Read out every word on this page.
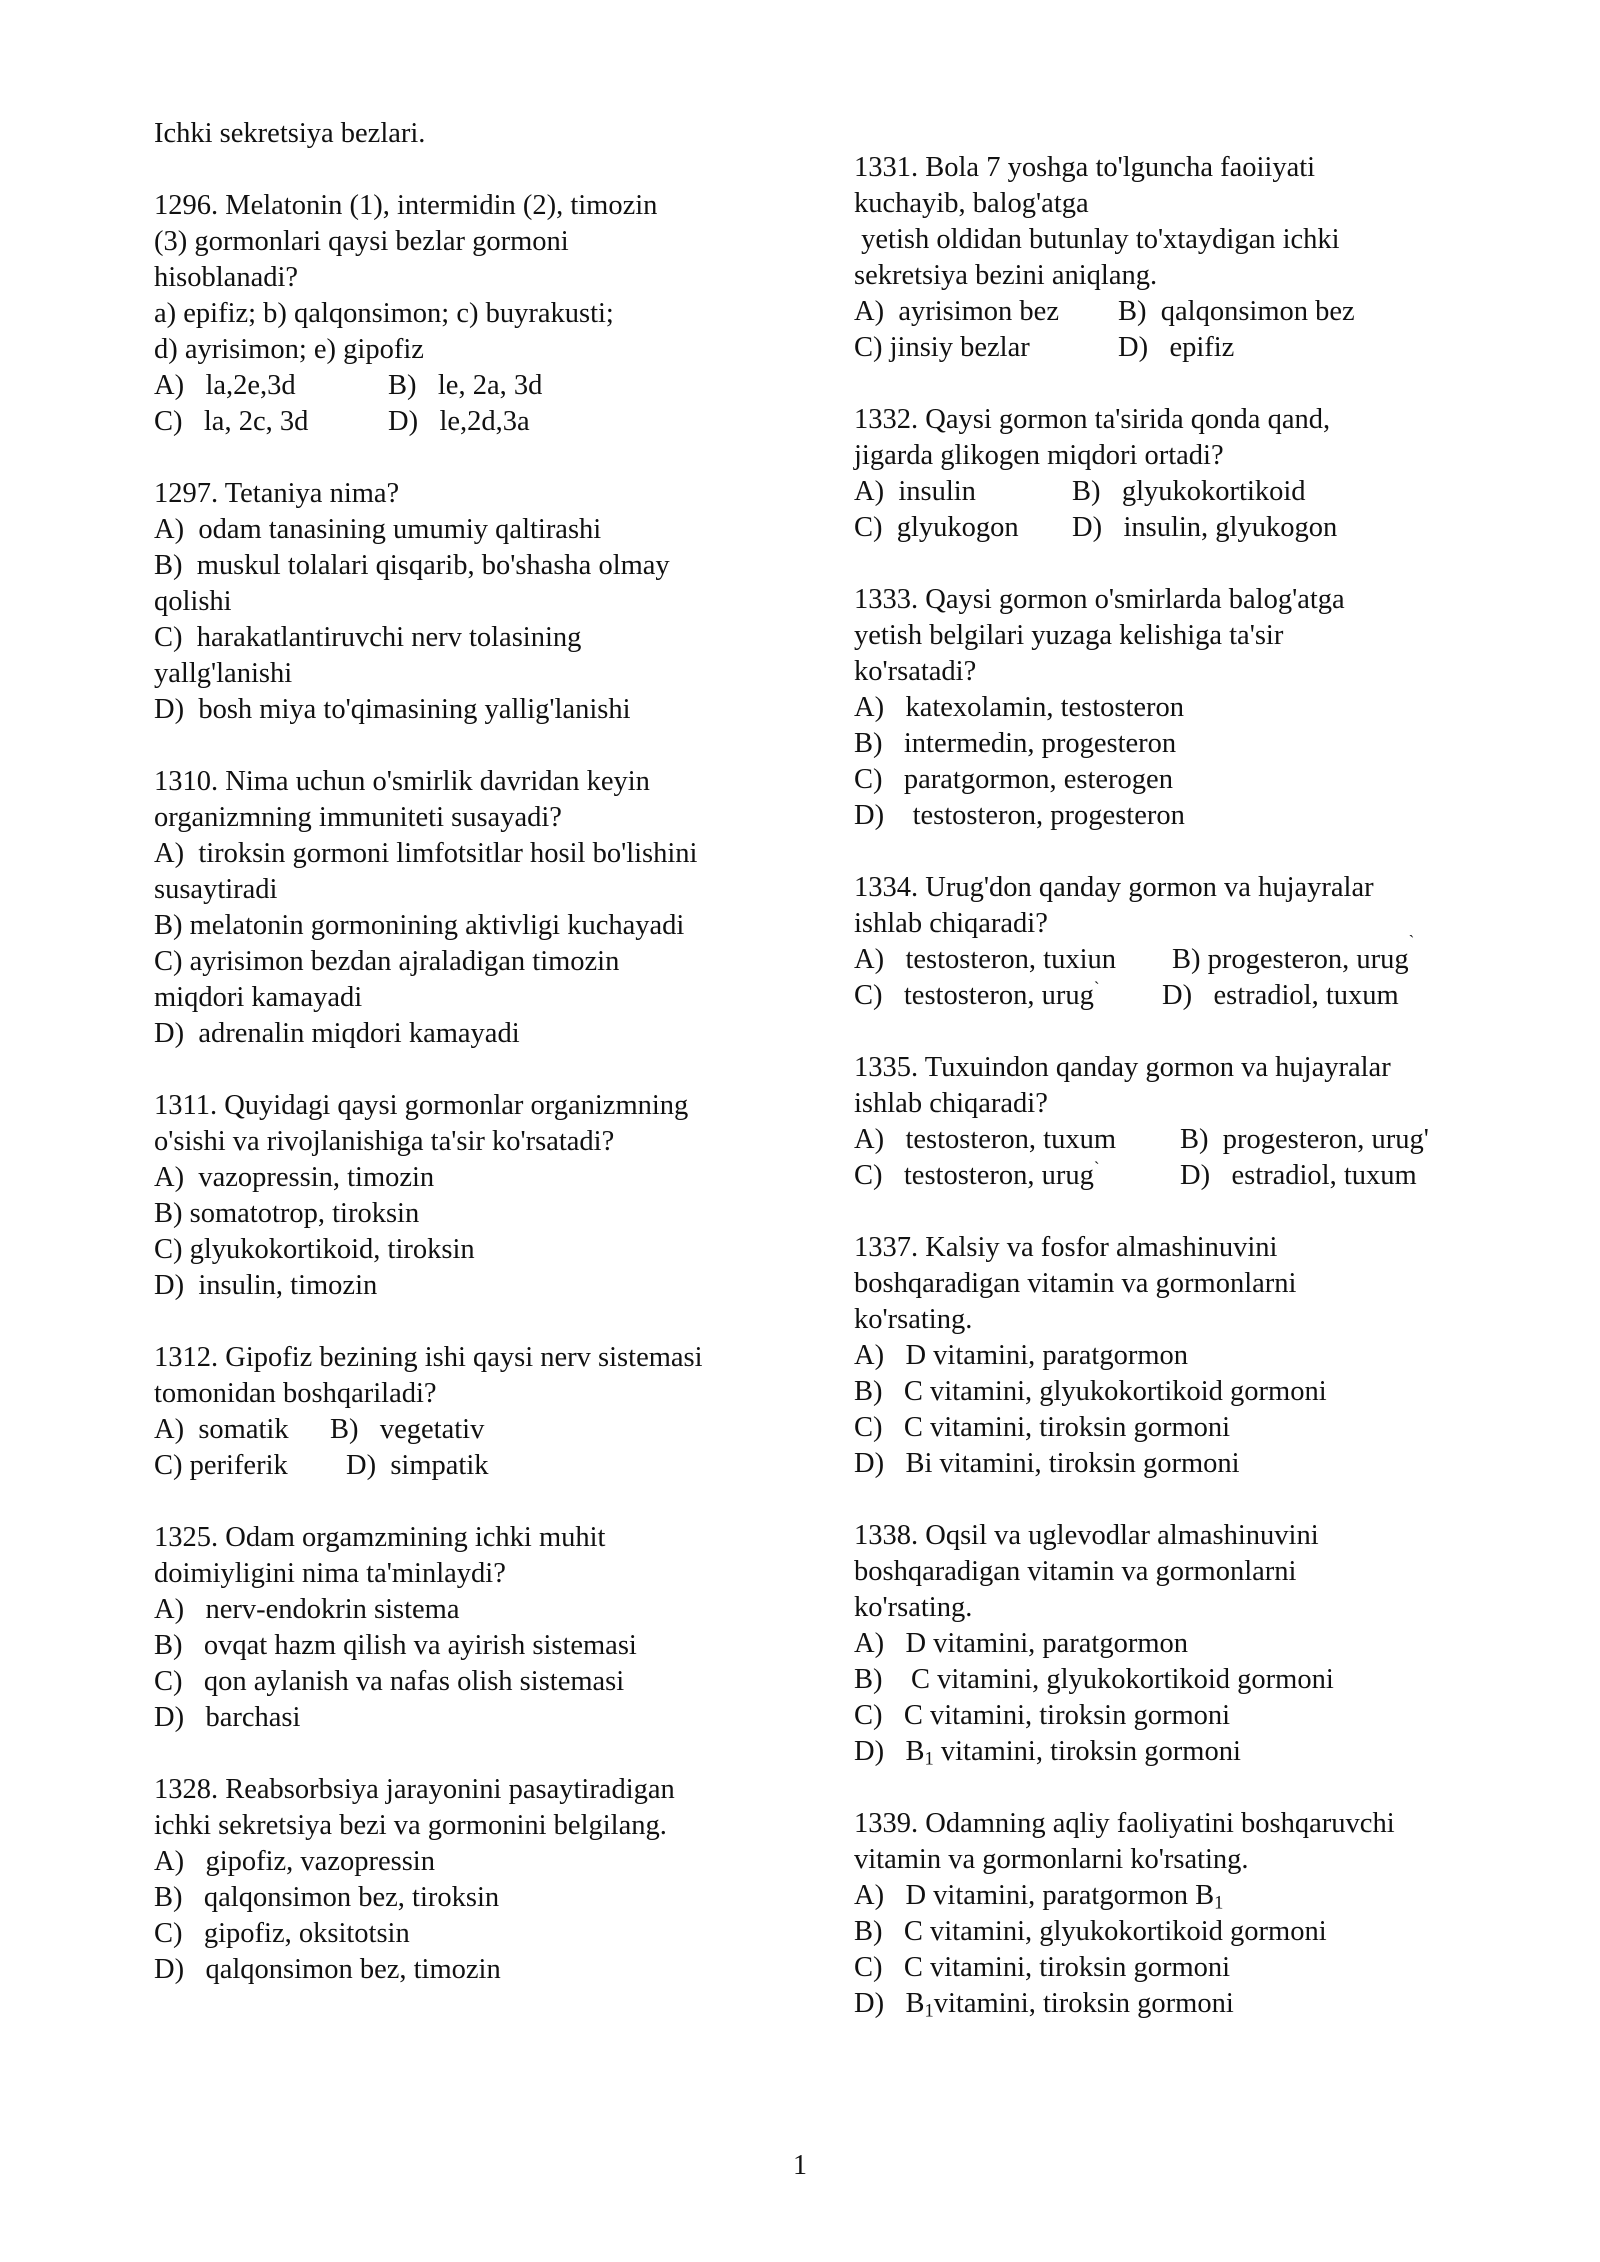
Ichki sekretsiya bezlari.
1296. Melatonin (1), intermidin (2), timozin
(3) gormonlari qaysi bezlar gormoni
hisoblanadi?
a) epifiz; b) qalqonsimon; c) buyrakusti;
d) ayrisimon; e) gipofiz
A)   la,2e,3d	B)   le, 2a, 3d
C)   la, 2c, 3d	D)   le,2d,3a
1297. Tetaniya nima?
A)  odam tanasining umumiy qaltirashi
B)  muskul tolalari qisqarib, bo'shasha olmay
qolishi
C)  harakatlantiruvchi nerv tolasining
yallg'lanishi
D)  bosh miya to'qimasining yallig'lanishi
1310. Nima uchun o'smirlik davridan keyin
organizmning immuniteti susayadi?
A)  tiroksin gormoni limfotsitlar hosil bo'lishini
susaytiradi
B) melatonin gormonining aktivligi kuchayadi
C) ayrisimon bezdan ajraladigan timozin
miqdori kamayadi
D)  adrenalin miqdori kamayadi
1311. Quyidagi qaysi gormonlar organizmning
o'sishi va rivojlanishiga ta'sir ko'rsatadi?
A)  vazopressin, timozin
B) somatotrop, tiroksin
C) glyukokortikoid, tiroksin
D)  insulin, timozin
1312. Gipofiz bezining ishi qaysi nerv sistemasi
tomonidan boshqariladi?
A)  somatik	B)   vegetativ
C) periferik	D)  simpatik
1325. Odam orgamzmining ichki muhit
doimiyligini nima ta'minlaydi?
A)   nerv-endokrin sistema
B)   ovqat hazm qilish va ayirish sistemasi
C)   qon aylanish va nafas olish sistemasi
D)   barchasi
1328. Reabsorbsiya jarayonini pasaytiradigan
ichki sekretsiya bezi va gormonini belgilang.
A)   gipofiz, vazopressin
B)   qalqonsimon bez, tiroksin
C)   gipofiz, oksitotsin
D)   qalqonsimon bez, timozin
1331. Bola 7 yoshga to'lguncha faoiiyati
kuchayib, balog'atga
yetish oldidan butunlay to'xtaydigan ichki
sekretsiya bezini aniqlang.
A)  ayrisimon bez	B)  qalqonsimon bez
C) jinsiy bezlar	D)   epifiz
1332. Qaysi gormon ta'sirida qonda qand,
jigarda glikogen miqdori ortadi?
A)  insulin	B)   glyukokortikoid
C)  glyukogon	D)   insulin, glyukogon
1333. Qaysi gormon o'smirlarda balog'atga
yetish belgilari yuzaga kelishiga ta'sir
ko'rsatadi?
A)   katexolamin, testosteron
B)   intermedin, progesteron
C)   paratgormon, esterogen
D)    testosteron, progesteron
1334. Urug'don qanday gormon va hujayralar
ishlab chiqaradi?
A)   testosteron, tuxiun	B) progesteron, urug
`
C)   testosteron, urug`	D)   estradiol, tuxum
1335. Tuxuindon qanday gormon va hujayralar
ishlab chiqaradi?
A)   testosteron, tuxum	B)  progesteron, urug'
C)   testosteron, urug`	D)   estradiol, tuxum
1337. Kalsiy va fosfor almashinuvini
boshqaradigan vitamin va gormonlarni
ko'rsating.
A)   D vitamini, paratgormon
B)   C vitamini, glyukokortikoid gormoni
C)   C vitamini, tiroksin gormoni
D)   Bi vitamini, tiroksin gormoni
1338. Oqsil va uglevodlar almashinuvini
boshqaradigan vitamin va gormonlarni
ko'rsating.
A)   D vitamini, paratgormon
B)    C vitamini, glyukokortikoid gormoni
C)   C vitamini, tiroksin gormoni
D)   $B_1$ vitamini, tiroksin gormoni
1339. Odamning aqliy faoliyatini boshqaruvchi
vitamin va gormonlarni ko'rsating.
A)   D vitamini, paratgormon $B_1$
B)   C vitamini, glyukokortikoid gormoni
C)   C vitamini, tiroksin gormoni
D)   $B_1vitamini$, tiroksin gormoni
1
